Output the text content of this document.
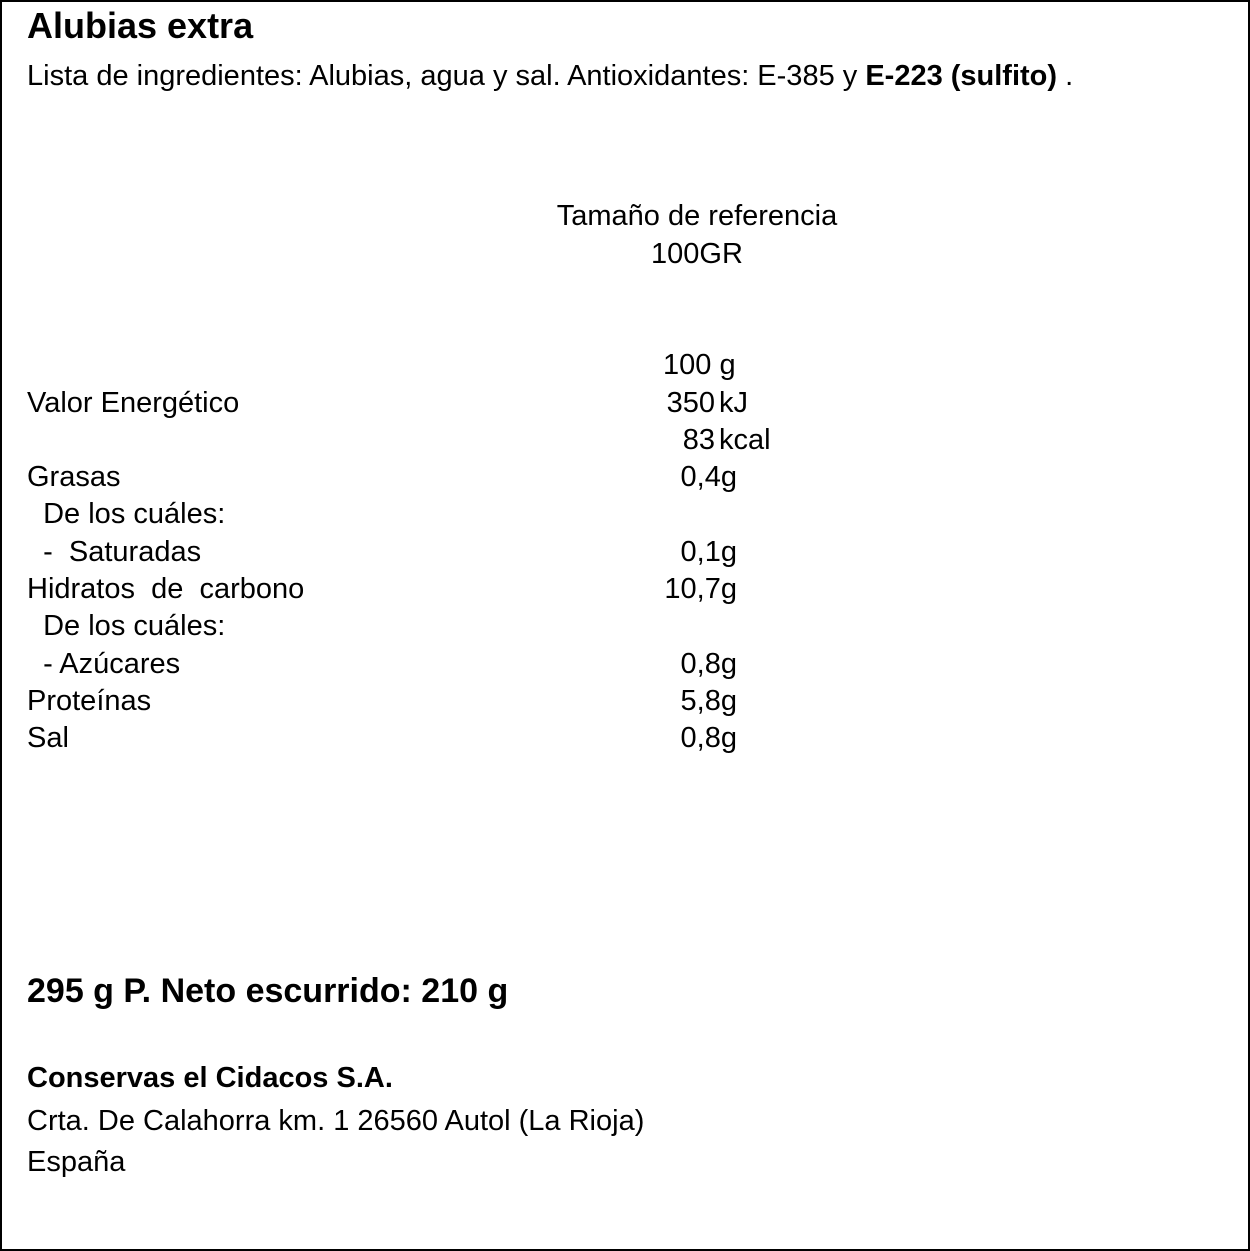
Alubias extra
Lista de ingredientes: Alubias, agua y sal. Antioxidantes: E-385 y E-223 (sulfito) .
Tamaño de referencia
100GR
100 g
Valor Energético	350 kJ
83 kcal
Grasas	0,4g
De los cuáles:
-  Saturadas	0,1g
Hidratos  de  carbono	10,7g
De los cuáles:
- Azúcares	0,8g
Proteínas	5,8g
Sal	0,8g
295 g P. Neto escurrido: 210 g
Conservas el Cidacos S.A.
Crta. De Calahorra km. 1 26560 Autol (La Rioja)
España
